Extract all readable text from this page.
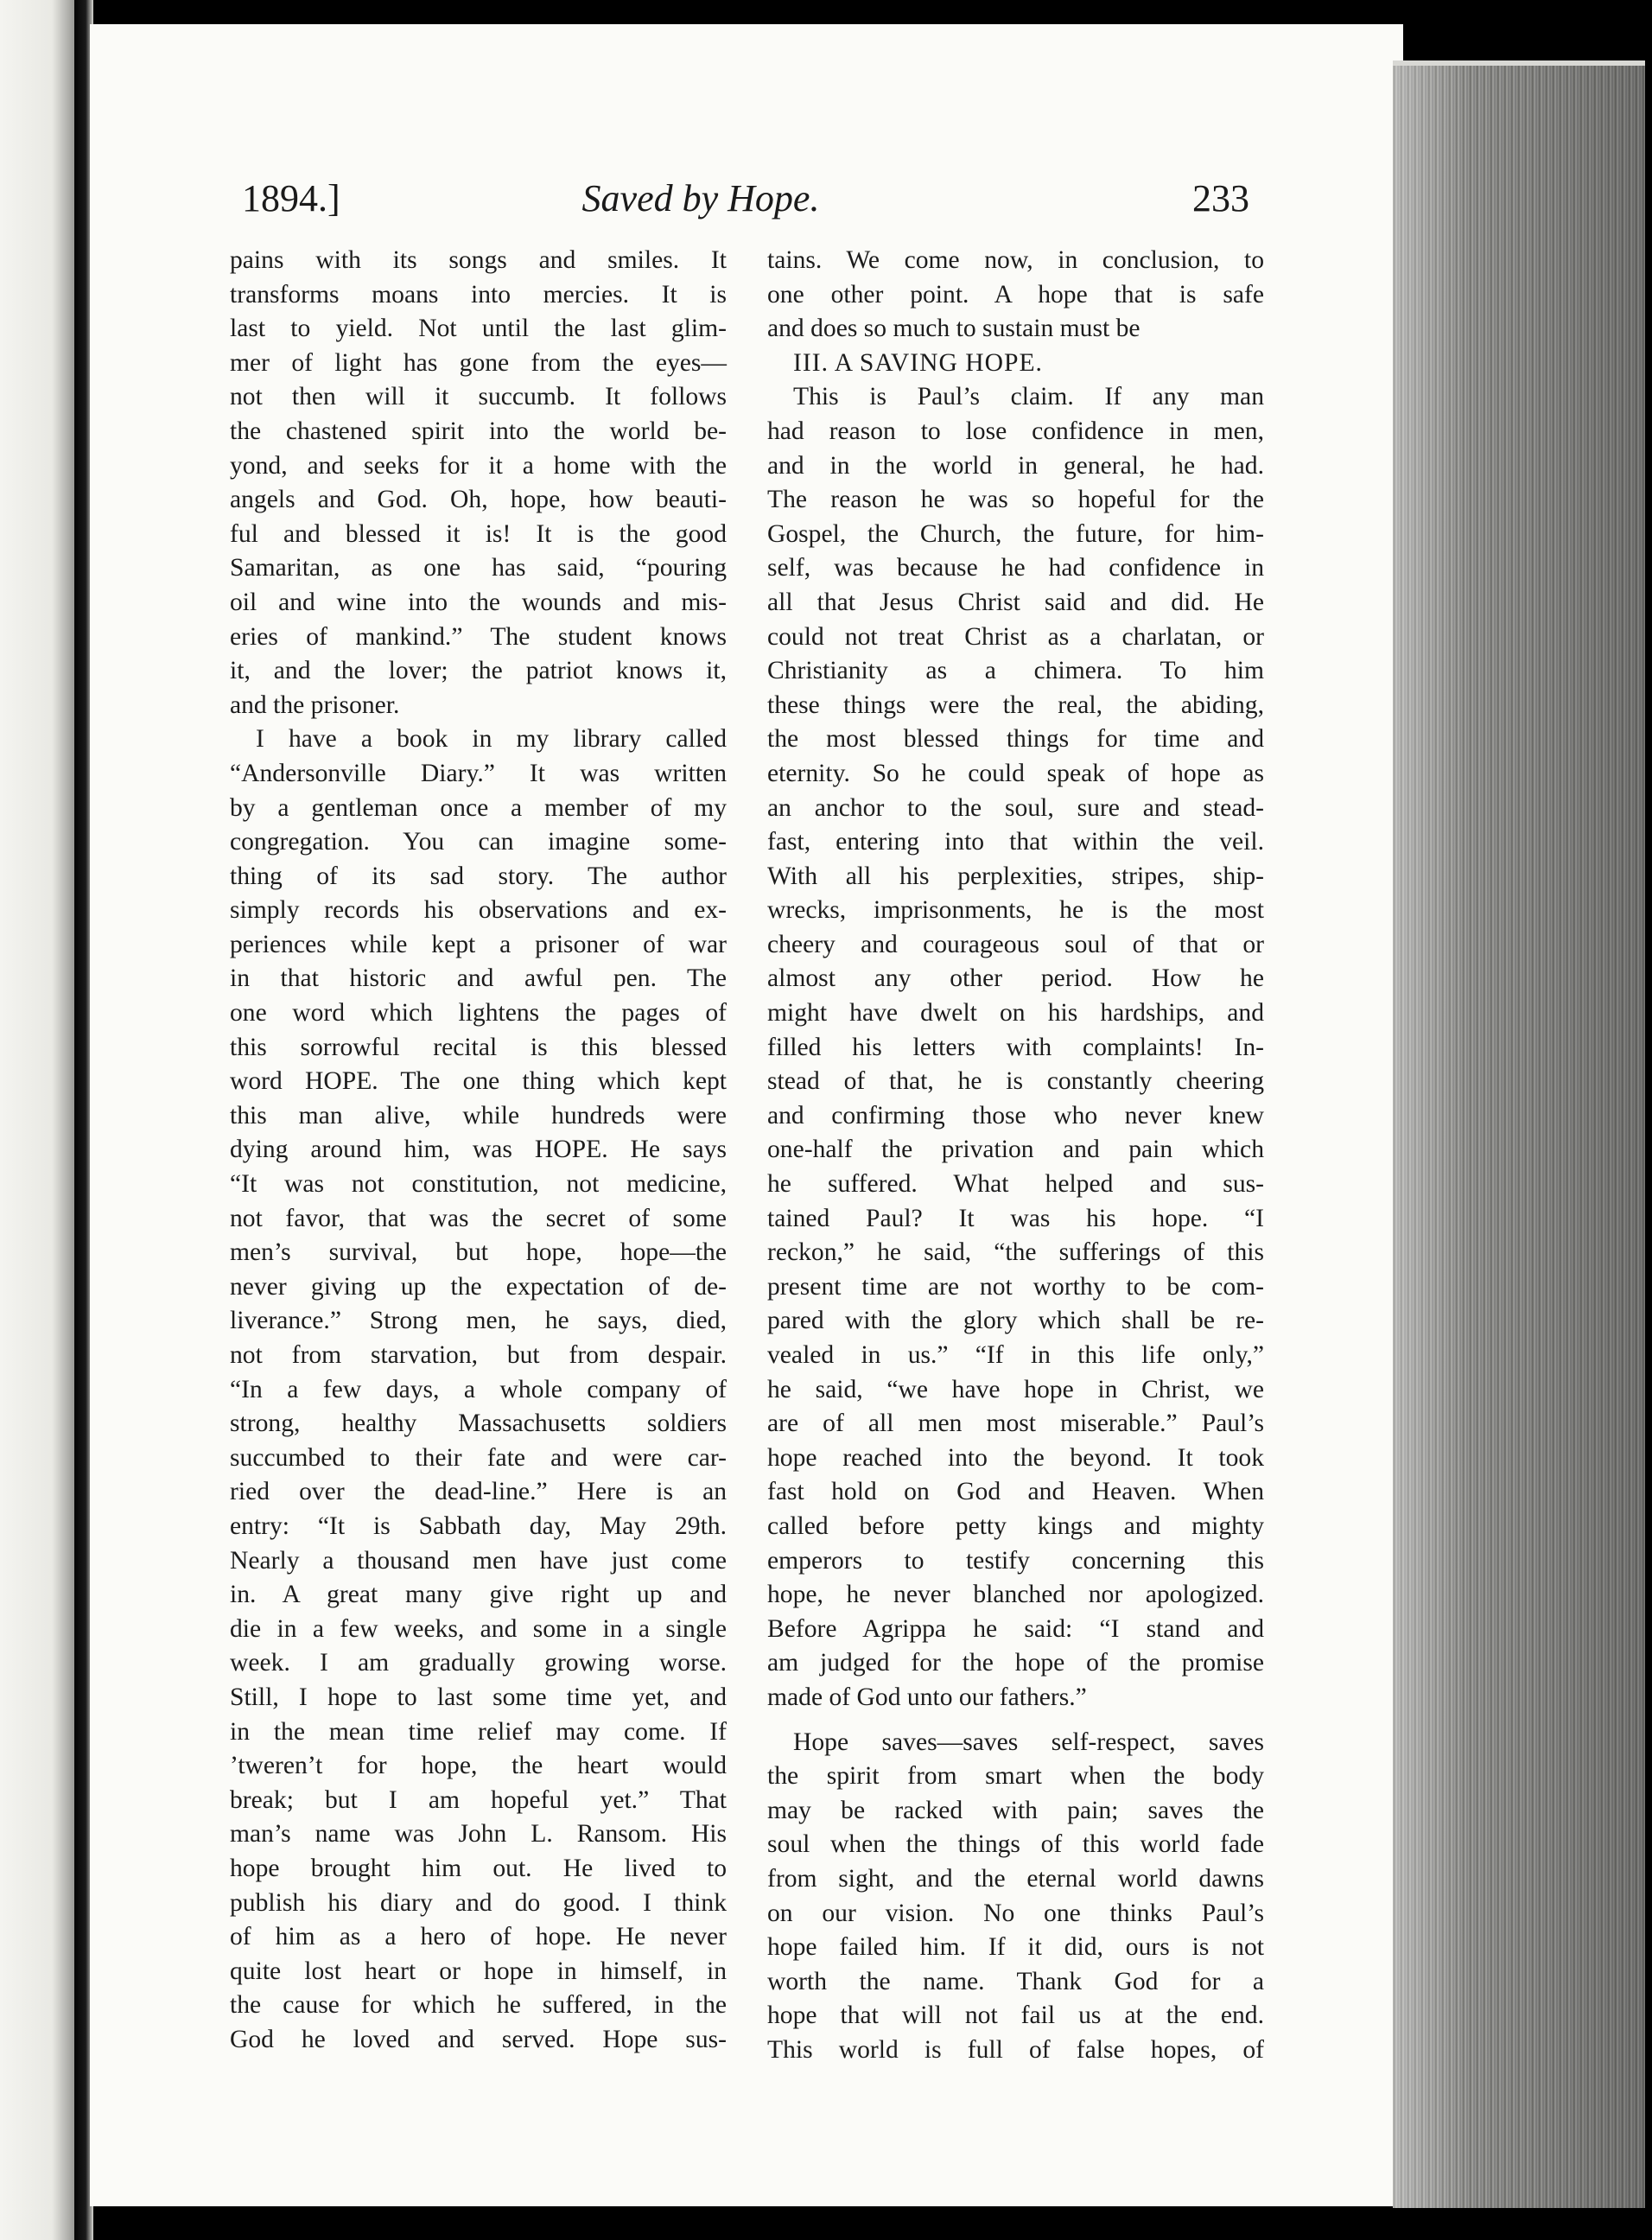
1894.]	Saved by Hope.	233
pains with its songs and smiles. It
transforms moans into mercies. It is
last to yield. Not until the last glim-
mer of light has gone from the eyes—
not then will it succumb. It follows
the chastened spirit into the world be-
yond, and seeks for it a home with the
angels and God. Oh, hope, how beauti-
ful and blessed it is! It is the good
Samaritan, as one has said, “pouring
oil and wine into the wounds and mis-
eries of mankind.” The student knows
it, and the lover; the patriot knows it,
and the prisoner.
I have a book in my library called
“Andersonville Diary.” It was written
by a gentleman once a member of my
congregation. You can imagine some-
thing of its sad story. The author
simply records his observations and ex-
periences while kept a prisoner of war
in that historic and awful pen. The
one word which lightens the pages of
this sorrowful recital is this blessed
word HOPE. The one thing which kept
this man alive, while hundreds were
dying around him, was HOPE. He says
“It was not constitution, not medicine,
not favor, that was the secret of some
men’s survival, but hope, hope—the
never giving up the expectation of de-
liverance.” Strong men, he says, died,
not from starvation, but from despair.
“In a few days, a whole company of
strong, healthy Massachusetts soldiers
succumbed to their fate and were car-
ried over the dead-line.” Here is an
entry: “It is Sabbath day, May 29th.
Nearly a thousand men have just come
in. A great many give right up and
die in a few weeks, and some in a single
week. I am gradually growing worse.
Still, I hope to last some time yet, and
in the mean time relief may come. If
’tweren’t for hope, the heart would
break; but I am hopeful yet.” That
man’s name was John L. Ransom. His
hope brought him out. He lived to
publish his diary and do good. I think
of him as a hero of hope. He never
quite lost heart or hope in himself, in
the cause for which he suffered, in the
God he loved and served. Hope sus-
tains. We come now, in conclusion, to
one other point. A hope that is safe
and does so much to sustain must be
III. A SAVING HOPE.
This is Paul’s claim. If any man
had reason to lose confidence in men,
and in the world in general, he had.
The reason he was so hopeful for the
Gospel, the Church, the future, for him-
self, was because he had confidence in
all that Jesus Christ said and did. He
could not treat Christ as a charlatan, or
Christianity as a chimera. To him
these things were the real, the abiding,
the most blessed things for time and
eternity. So he could speak of hope as
an anchor to the soul, sure and stead-
fast, entering into that within the veil.
With all his perplexities, stripes, ship-
wrecks, imprisonments, he is the most
cheery and courageous soul of that or
almost any other period. How he
might have dwelt on his hardships, and
filled his letters with complaints! In-
stead of that, he is constantly cheering
and confirming those who never knew
one-half the privation and pain which
he suffered. What helped and sus-
tained Paul? It was his hope. “I
reckon,” he said, “the sufferings of this
present time are not worthy to be com-
pared with the glory which shall be re-
vealed in us.” “If in this life only,”
he said, “we have hope in Christ, we
are of all men most miserable.” Paul’s
hope reached into the beyond. It took
fast hold on God and Heaven. When
called before petty kings and mighty
emperors to testify concerning this
hope, he never blanched nor apologized.
Before Agrippa he said: “I stand and
am judged for the hope of the promise
made of God unto our fathers.”
Hope saves—saves self-respect, saves
the spirit from smart when the body
may be racked with pain; saves the
soul when the things of this world fade
from sight, and the eternal world dawns
on our vision. No one thinks Paul’s
hope failed him. If it did, ours is not
worth the name. Thank God for a
hope that will not fail us at the end.
This world is full of false hopes, of
